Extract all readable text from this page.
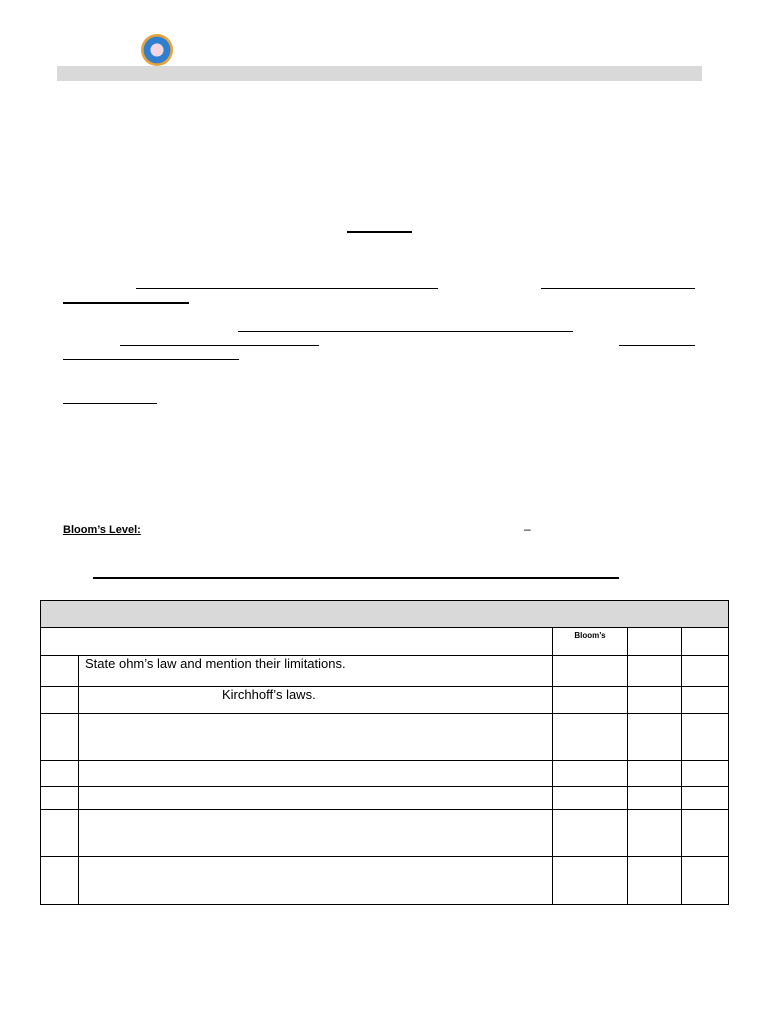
Bloom’s Level:	–

		Bloom’s		
	State ohm’s law and mention their limitations.			
	Kirchhoff’s laws.			
